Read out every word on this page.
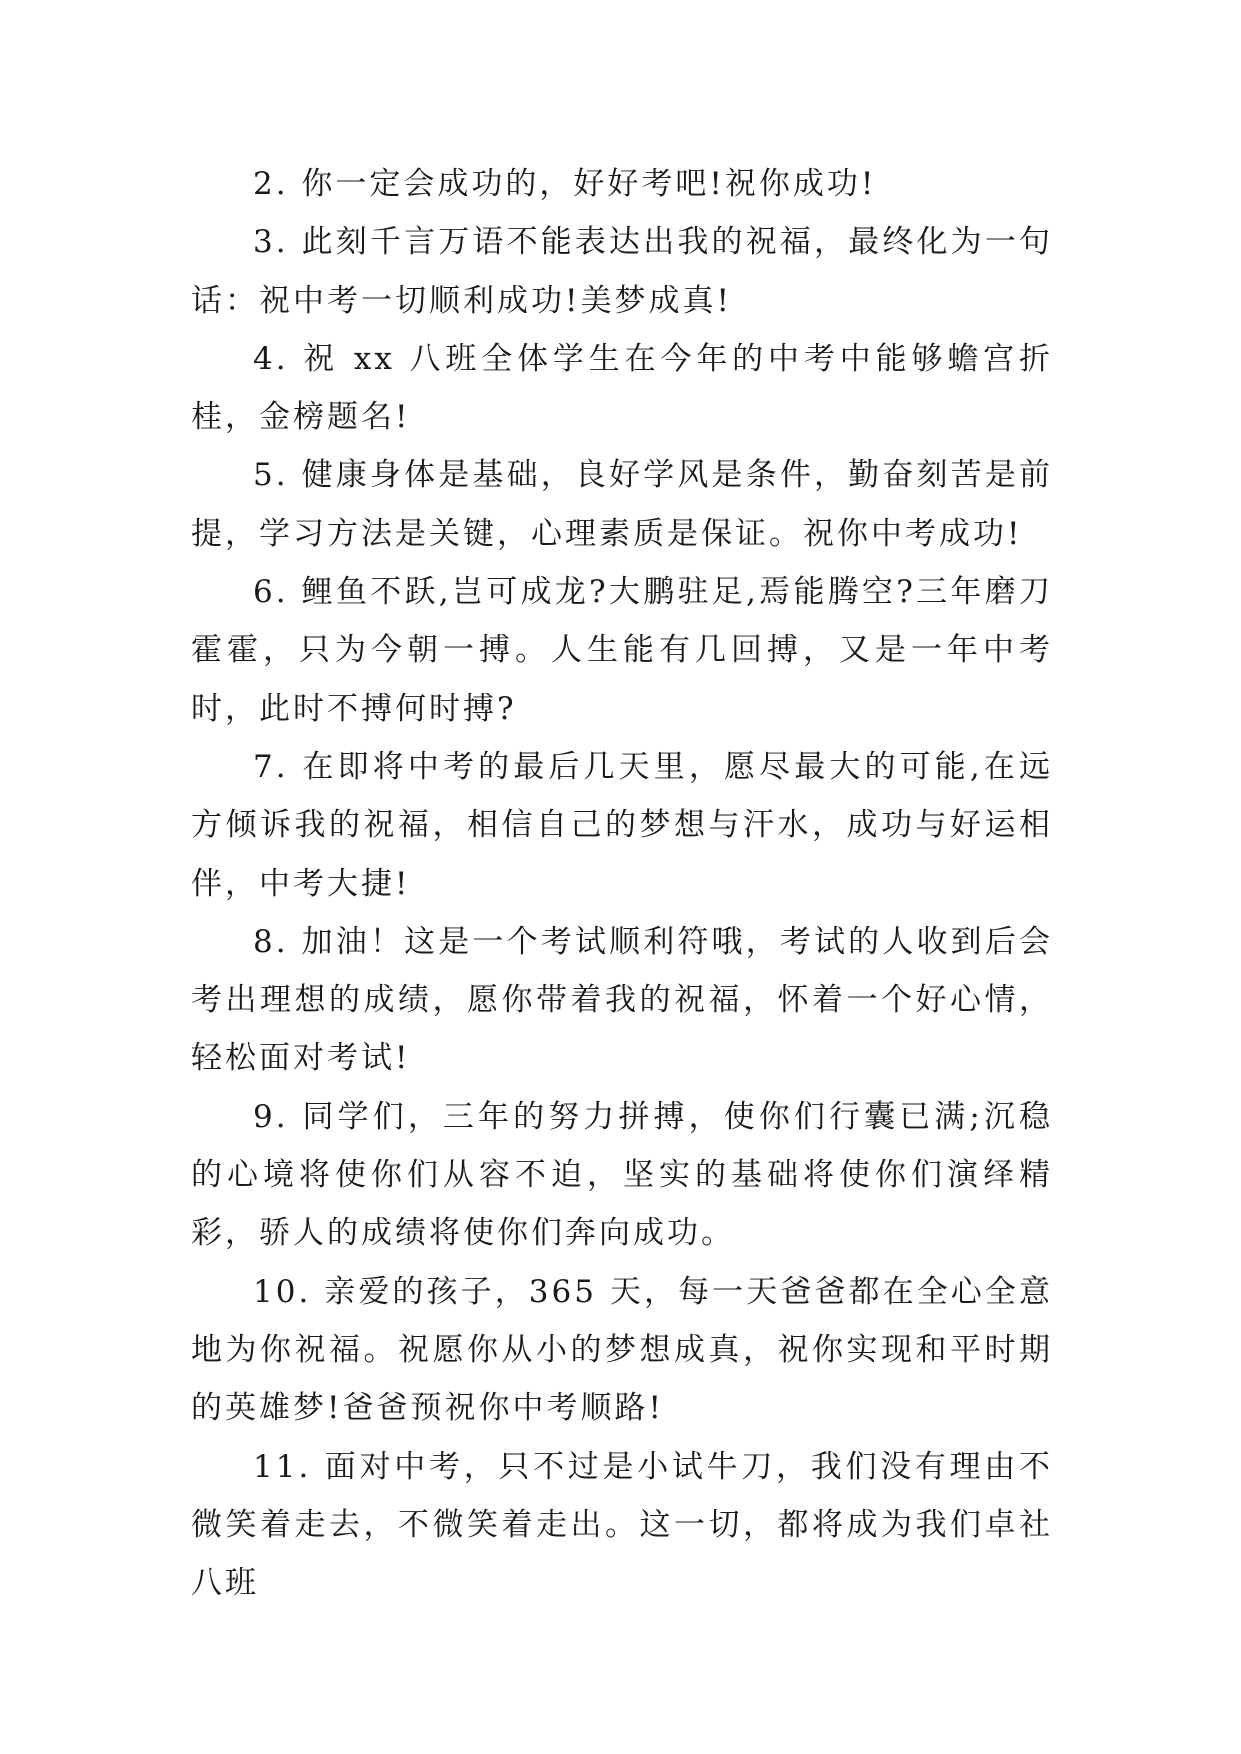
2. 你一定会成功的，好好考吧!祝你成功!

3. 此刻千言万语不能表达出我的祝福，最终化为一句话：祝中考一切顺利成功!美梦成真!

4. 祝 xx 八班全体学生在今年的中考中能够蟾宫折桂，金榜题名!

5. 健康身体是基础，良好学风是条件，勤奋刻苦是前提，学习方法是关键，心理素质是保证。祝你中考成功!

6. 鲤鱼不跃,岂可成龙?大鹏驻足,焉能腾空?三年磨刀霍霍，只为今朝一搏。人生能有几回搏，又是一年中考时，此时不搏何时搏?

7. 在即将中考的最后几天里，愿尽最大的可能,在远方倾诉我的祝福，相信自己的梦想与汗水，成功与好运相伴，中考大捷!

8. 加油！这是一个考试顺利符哦，考试的人收到后会考出理想的成绩，愿你带着我的祝福，怀着一个好心情，轻松面对考试!

9. 同学们，三年的努力拼搏，使你们行囊已满;沉稳的心境将使你们从容不迫，坚实的基础将使你们演绎精彩，骄人的成绩将使你们奔向成功。

10. 亲爱的孩子，365 天，每一天爸爸都在全心全意地为你祝福。祝愿你从小的梦想成真，祝你实现和平时期的英雄梦!爸爸预祝你中考顺路!

11. 面对中考，只不过是小试牛刀，我们没有理由不微笑着走去，不微笑着走出。这一切，都将成为我们卓社八班
